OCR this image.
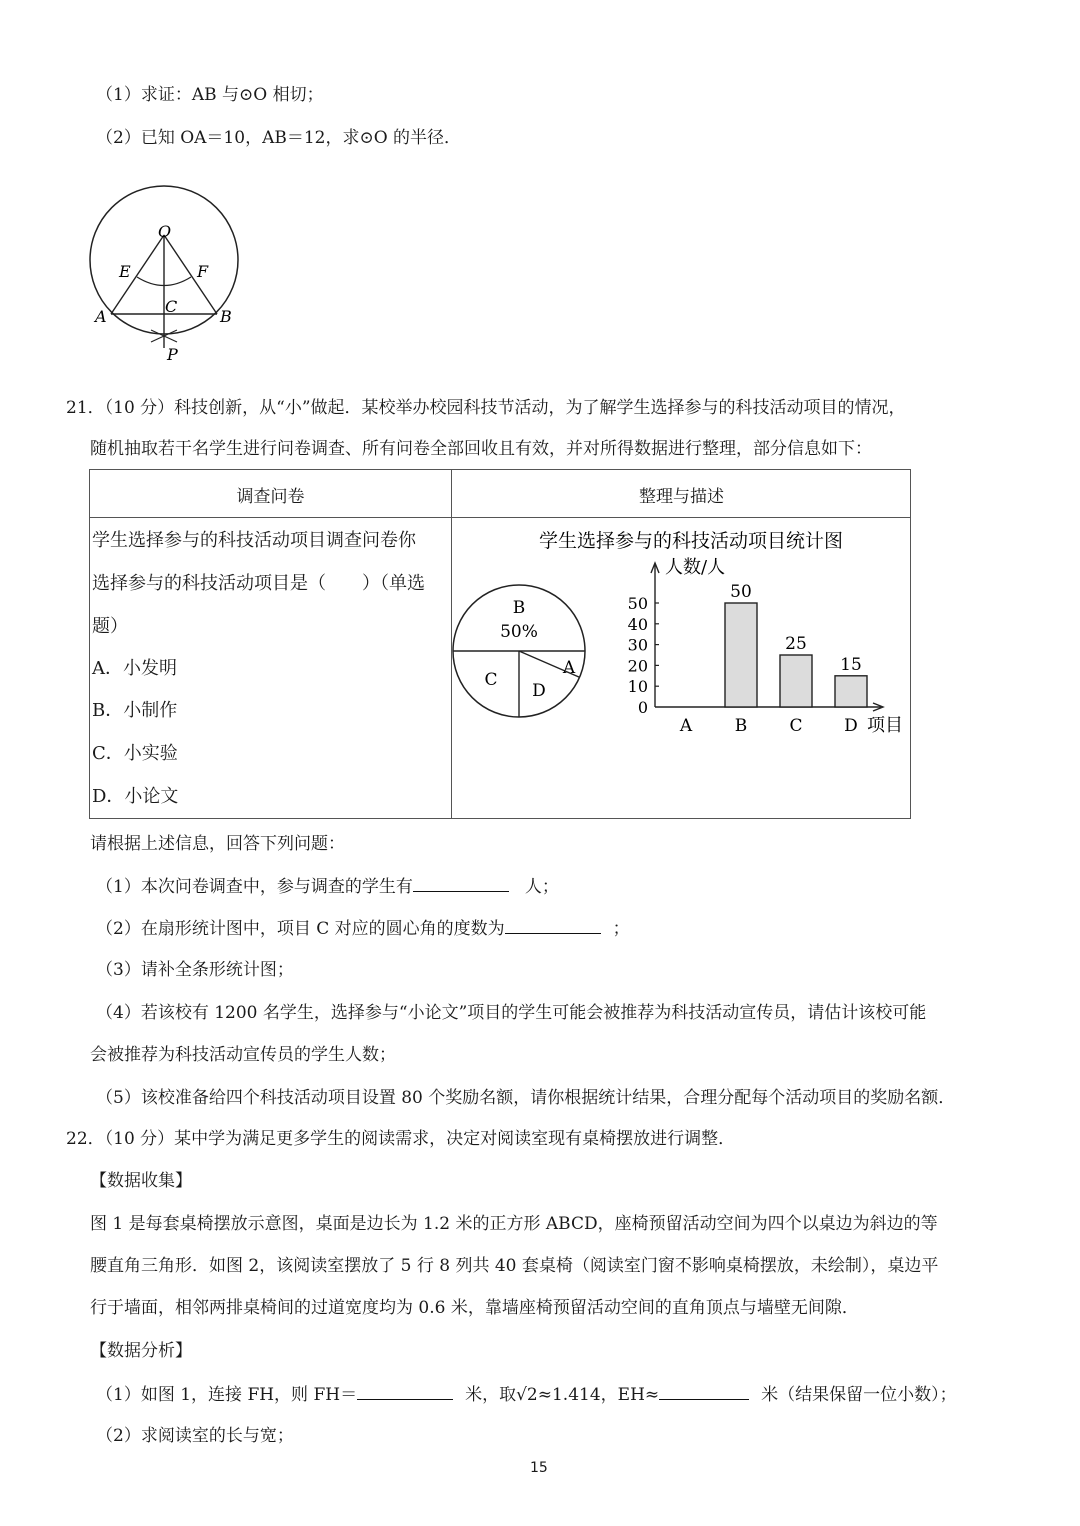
（1）求证：AB 与⊙O 相切；
（2）已知 OA＝10，AB＝12，求⊙O 的半径．
O
E	F
A	B
C
P
21．（10 分）科技创新，从“小”做起．某校举办校园科技节活动，为了解学生选择参与的科技活动项目的情况，
随机抽取若干名学生进行问卷调查、所有问卷全部回收且有效，并对所得数据进行整理，部分信息如下：
调查问卷	整理与描述
学生选择参与的科技活动项目调查问卷你
选择参与的科技活动项目是（　　）（单选
题）
A．小发明
B．小制作
C．小实验
D．小论文
学生选择参与的科技活动项目统计图
B
C
D
A
50%
人数/人
项目
0
10
20
30
40
50
A
50
B
25
C
15
D
请根据上述信息，回答下列问题：
（1）本次问卷调查中，参与调查的学生有	人；
（2）在扇形统计图中，项目 C 对应的圆心角的度数为	；
（3）请补全条形统计图；
（4）若该校有 1200 名学生，选择参与“小论文”项目的学生可能会被推荐为科技活动宣传员，请估计该校可能
会被推荐为科技活动宣传员的学生人数；
（5）该校准备给四个科技活动项目设置 80 个奖励名额，请你根据统计结果，合理分配每个活动项目的奖励名额．
22．（10 分）某中学为满足更多学生的阅读需求，决定对阅读室现有桌椅摆放进行调整．
【数据收集】
图 1 是每套桌椅摆放示意图，桌面是边长为 1.2 米的正方形 ABCD，座椅预留活动空间为四个以桌边为斜边的等
腰直角三角形．如图 2，该阅读室摆放了 5 行 8 列共 40 套桌椅（阅读室门窗不影响桌椅摆放，未绘制），桌边平
行于墙面，相邻两排桌椅间的过道宽度均为 0.6 米，靠墙座椅预留活动空间的直角顶点与墙壁无间隙．
【数据分析】
（1）如图 1，连接 FH，则 FH＝	米，取√2≈1.414，EH≈	米（结果保留一位小数）；
（2）求阅读室的长与宽；
15
